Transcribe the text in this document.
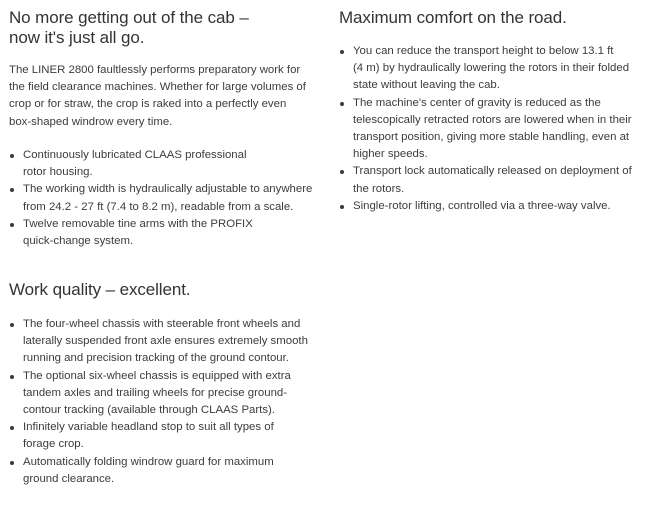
No more getting out of the cab –
now it's just all go.

The LINER 2800 faultlessly performs preparatory work for
the field clearance machines. Whether for large volumes of
crop or for straw, the crop is raked into a perfectly even
box-shaped windrow every time.

Continuously lubricated CLAAS professional
rotor housing.
The working width is hydraulically adjustable to anywhere
from 24.2 - 27 ft (7.4 to 8.2 m), readable from a scale.
Twelve removable tine arms with the PROFIX
quick-change system.
Work quality – excellent.
The four-wheel chassis with steerable front wheels and
laterally suspended front axle ensures extremely smooth
running and precision tracking of the ground contour.
The optional six-wheel chassis is equipped with extra
tandem axles and trailing wheels for precise ground-
contour tracking (available through CLAAS Parts).
Infinitely variable headland stop to suit all types of
forage crop.
Automatically folding windrow guard for maximum
ground clearance.
Maximum comfort on the road.
You can reduce the transport height to below 13.1 ft
(4 m) by hydraulically lowering the rotors in their folded
state without leaving the cab.
The machine's center of gravity is reduced as the
telescopically retracted rotors are lowered when in their
transport position, giving more stable handling, even at
higher speeds.
Transport lock automatically released on deployment of
the rotors.
Single-rotor lifting, controlled via a three-way valve.
